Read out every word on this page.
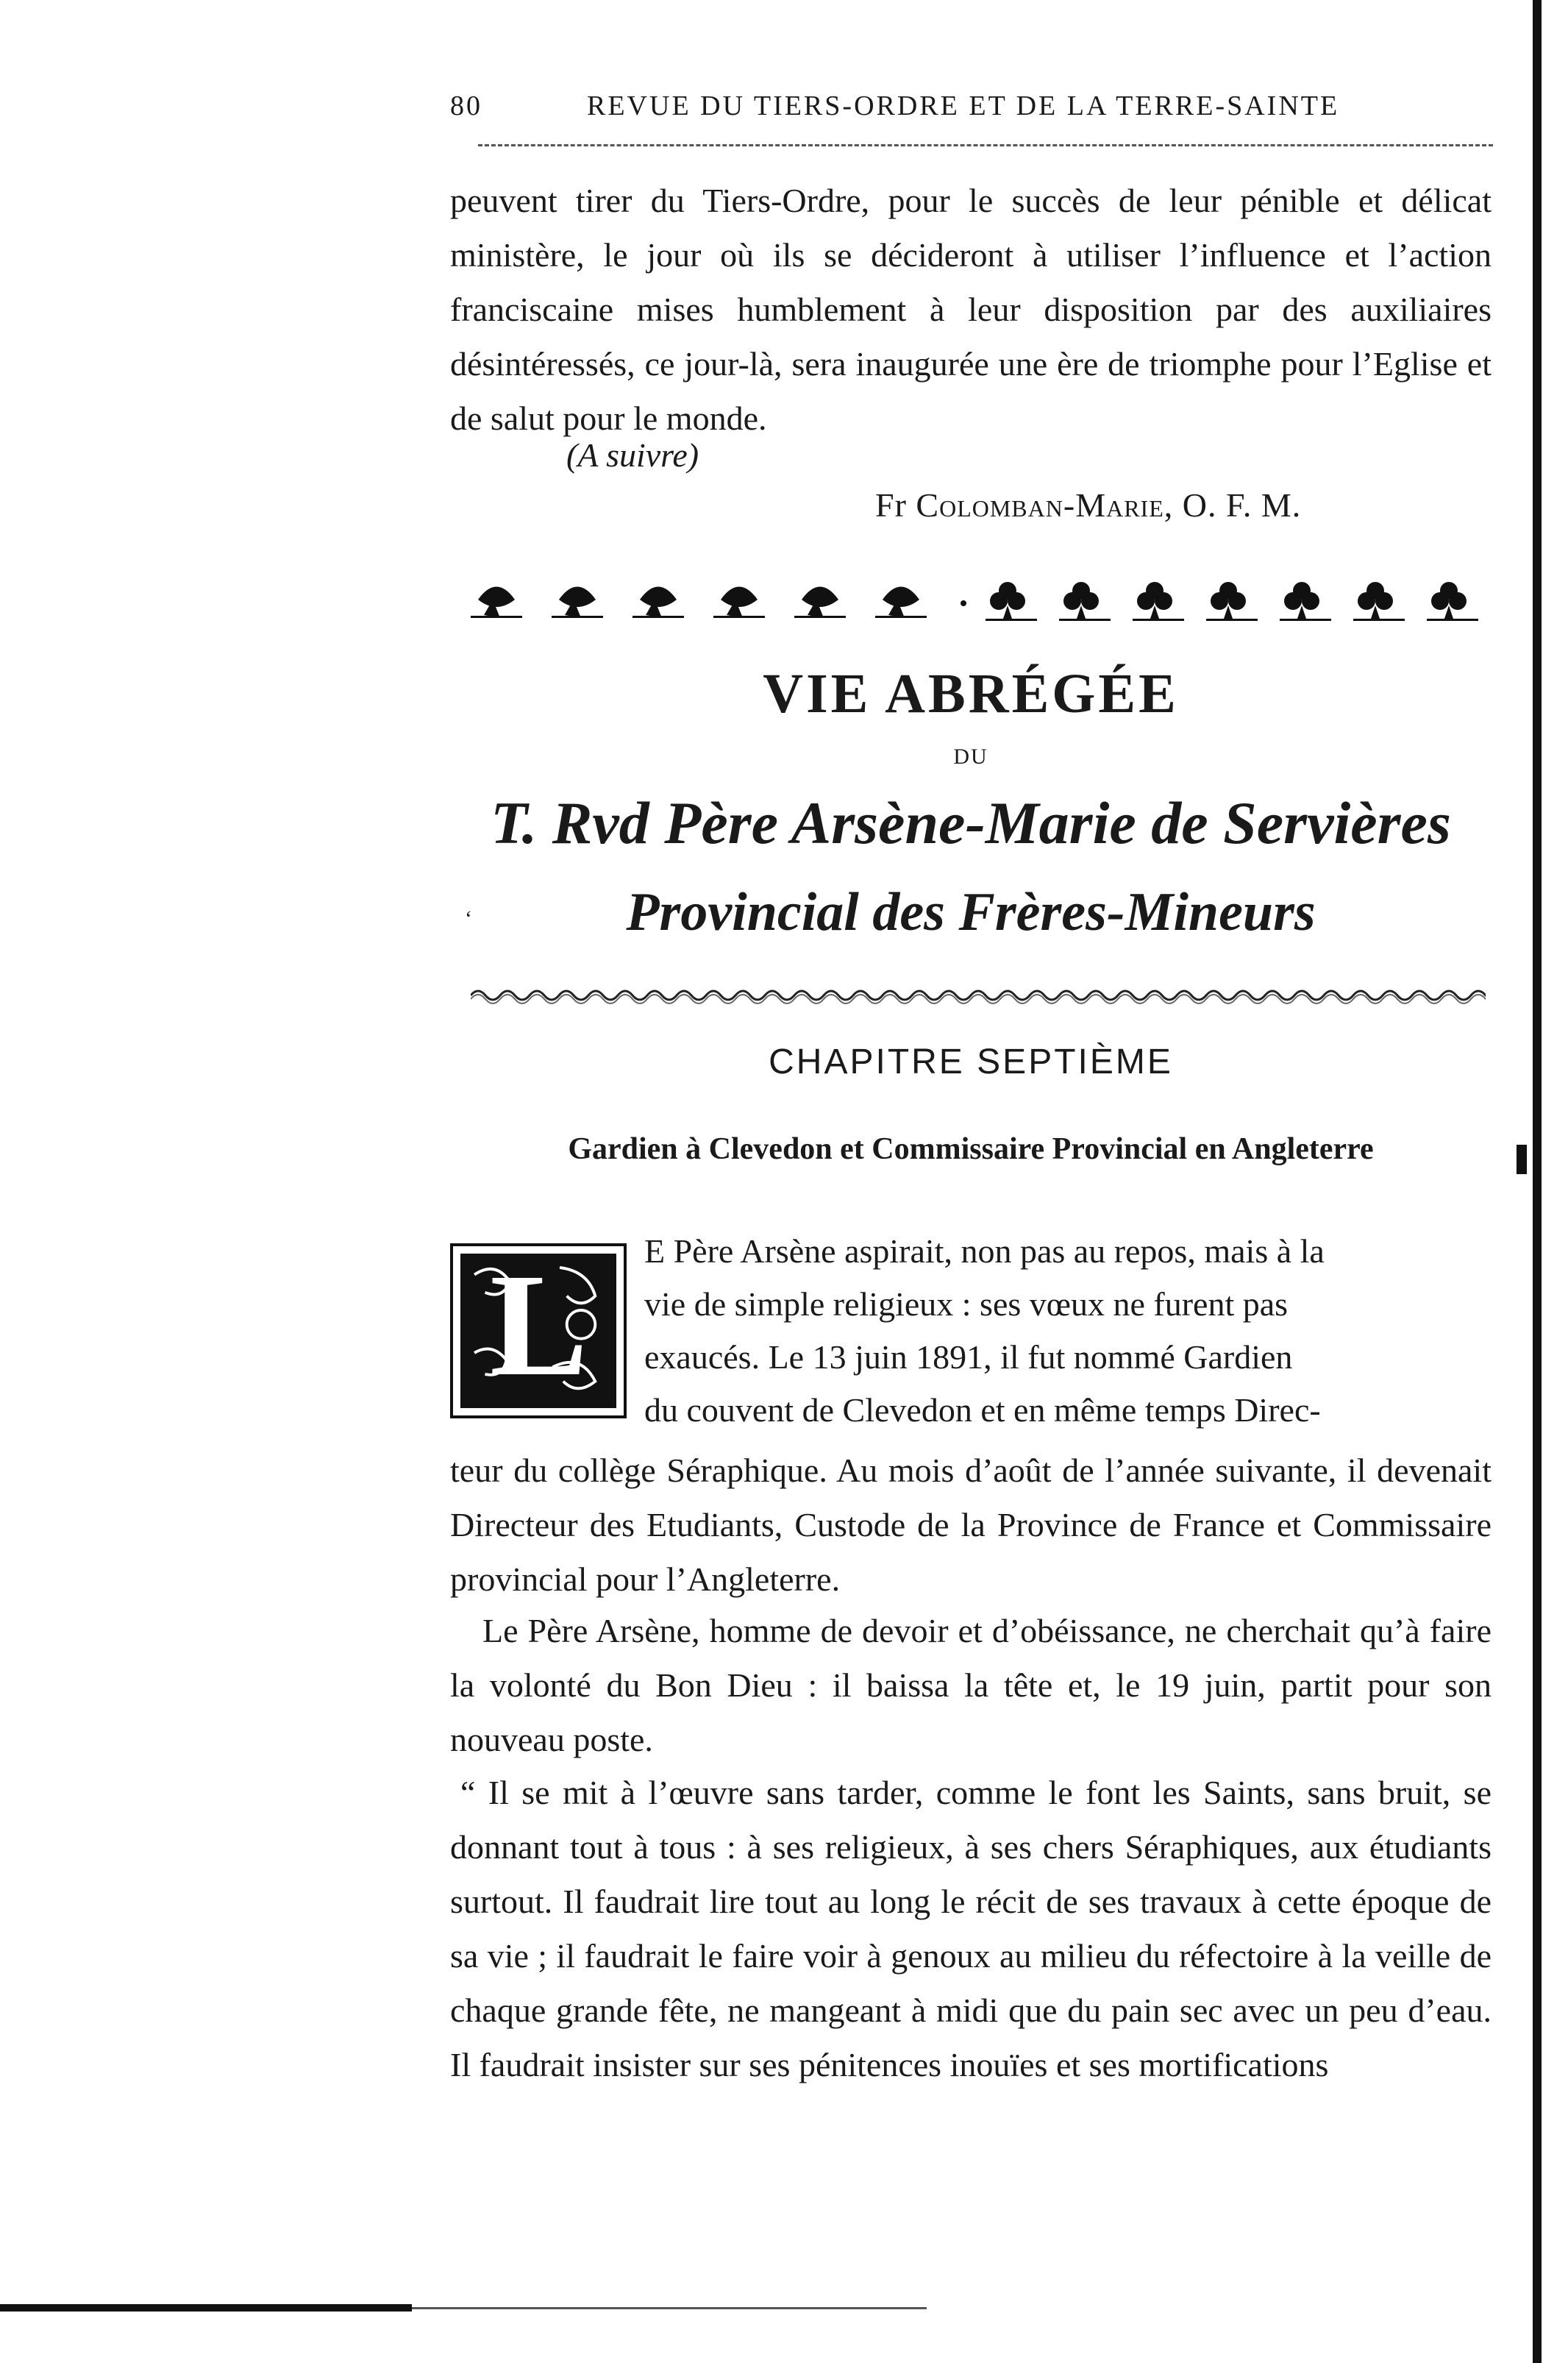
80	REVUE DU TIERS-ORDRE ET DE LA TERRE-SAINTE

peuvent tirer du Tiers-Ordre, pour le succès de leur pénible et délicat ministère, le jour où ils se décideront à utiliser l’influence et l’action franciscaine mises humblement à leur disposition par des auxiliaires désintéressés, ce jour-là, sera inaugurée une ère de triomphe pour l’Eglise et de salut pour le monde.

(A suivre)
Fr Colomban-Marie, O. F. M.
VIE ABRÉGÉE
DU
T. Rvd Père Arsène-Marie de Servières
‘	Provincial des Frères-Mineurs
CHAPITRE SEPTIÈME
Gardien à Clevedon et Commissaire Provincial en Angleterre
L E Père Arsène aspirait, non pas au repos, mais à la
vie de simple religieux : ses vœux ne furent pas
exaucés. Le 13 juin 1891, il fut nommé Gardien
du couvent de Clevedon et en même temps Direc-

teur du collège Séraphique. Au mois d’août de l’année suivante, il devenait Directeur des Etudiants, Custode de la Province de France et Commissaire provincial pour l’Angleterre.

Le Père Arsène, homme de devoir et d’obéissance, ne cherchait qu’à faire la volonté du Bon Dieu : il baissa la tête et, le 19 juin, partit pour son nouveau poste.

“ Il se mit à l’œuvre sans tarder, comme le font les Saints, sans bruit, se donnant tout à tous : à ses religieux, à ses chers Séraphiques, aux étudiants surtout. Il faudrait lire tout au long le récit de ses travaux à cette époque de sa vie ; il faudrait le faire voir à genoux au milieu du réfectoire à la veille de chaque grande fête, ne mangeant à midi que du pain sec avec un peu d’eau. Il faudrait insister sur ses pénitences inouïes et ses mortifications
